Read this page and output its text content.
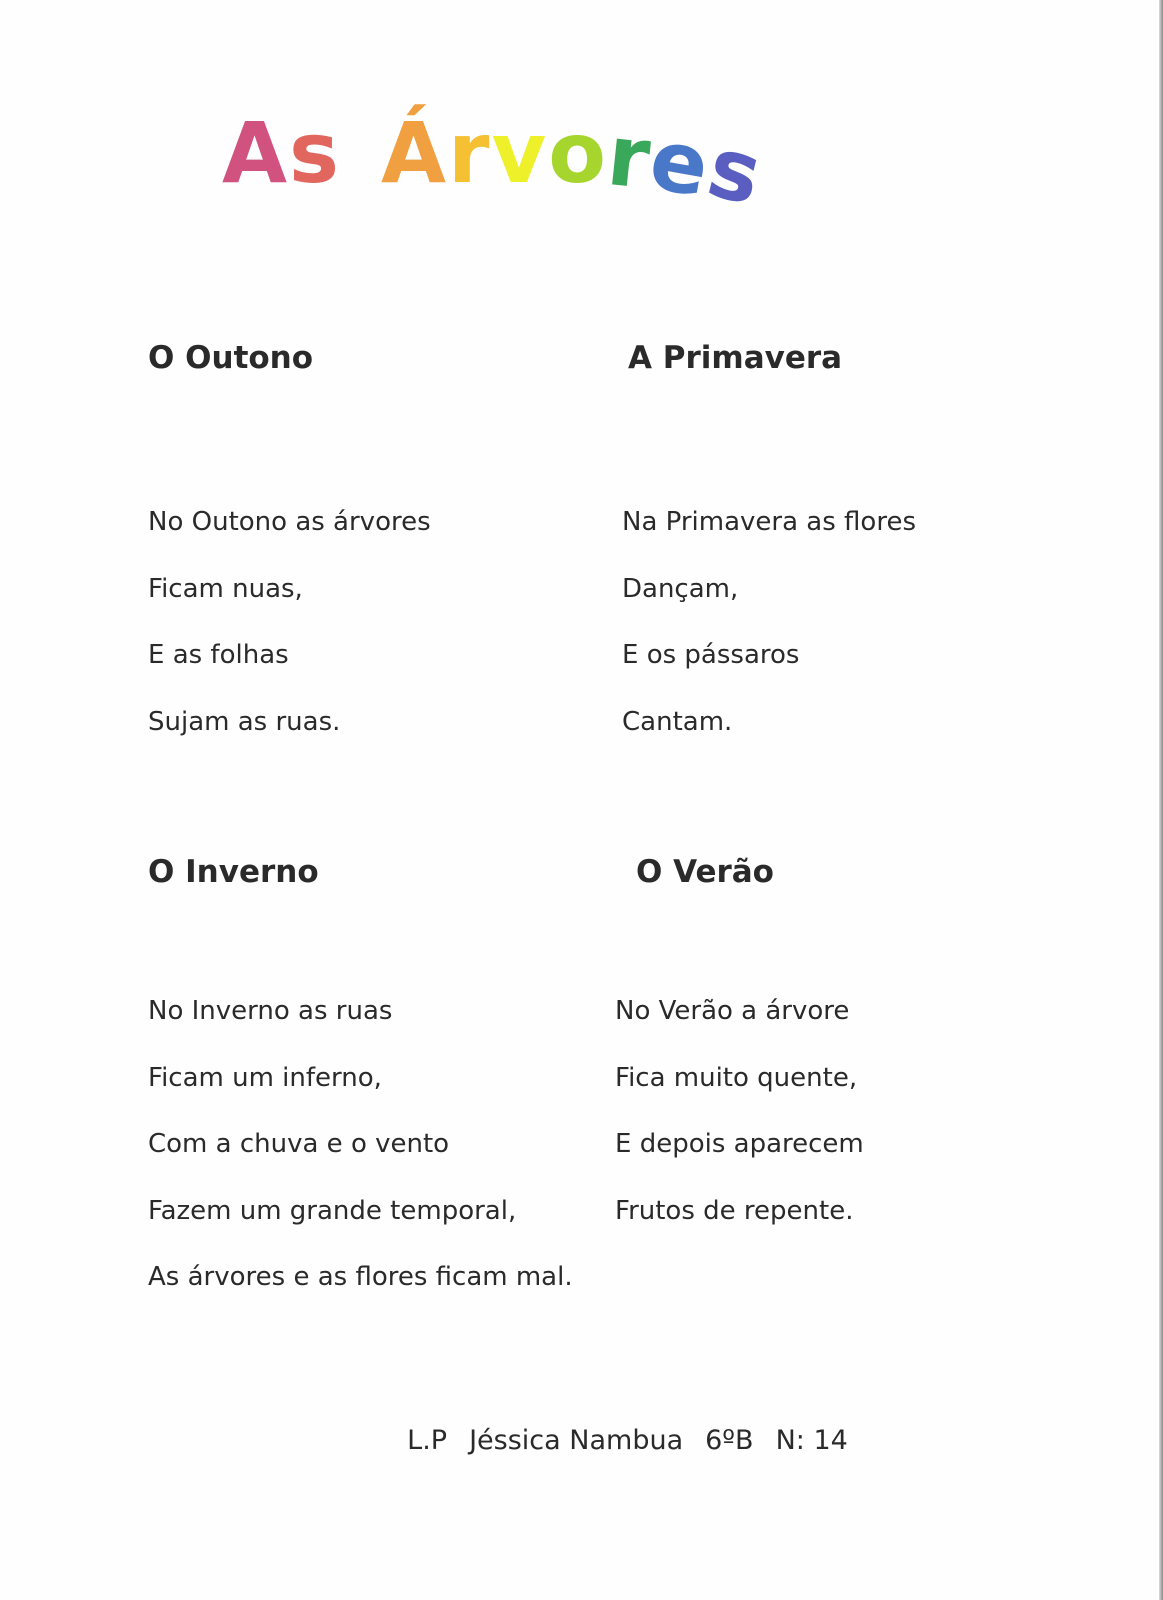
As Árvores
O Outono
No Outono as árvores
Ficam nuas,
E as folhas
Sujam as ruas.
A Primavera
Na Primavera as flores
Dançam,
E os pássaros
Cantam.
O Inverno
No Inverno as ruas
Ficam um inferno,
Com a chuva e o vento
Fazem um grande temporal,
As árvores e as flores ficam mal.
O Verão
No Verão a árvore
Fica muito quente,
E depois aparecem
Frutos de repente.

L.P Jéssica Nambua 6ºB N: 14
